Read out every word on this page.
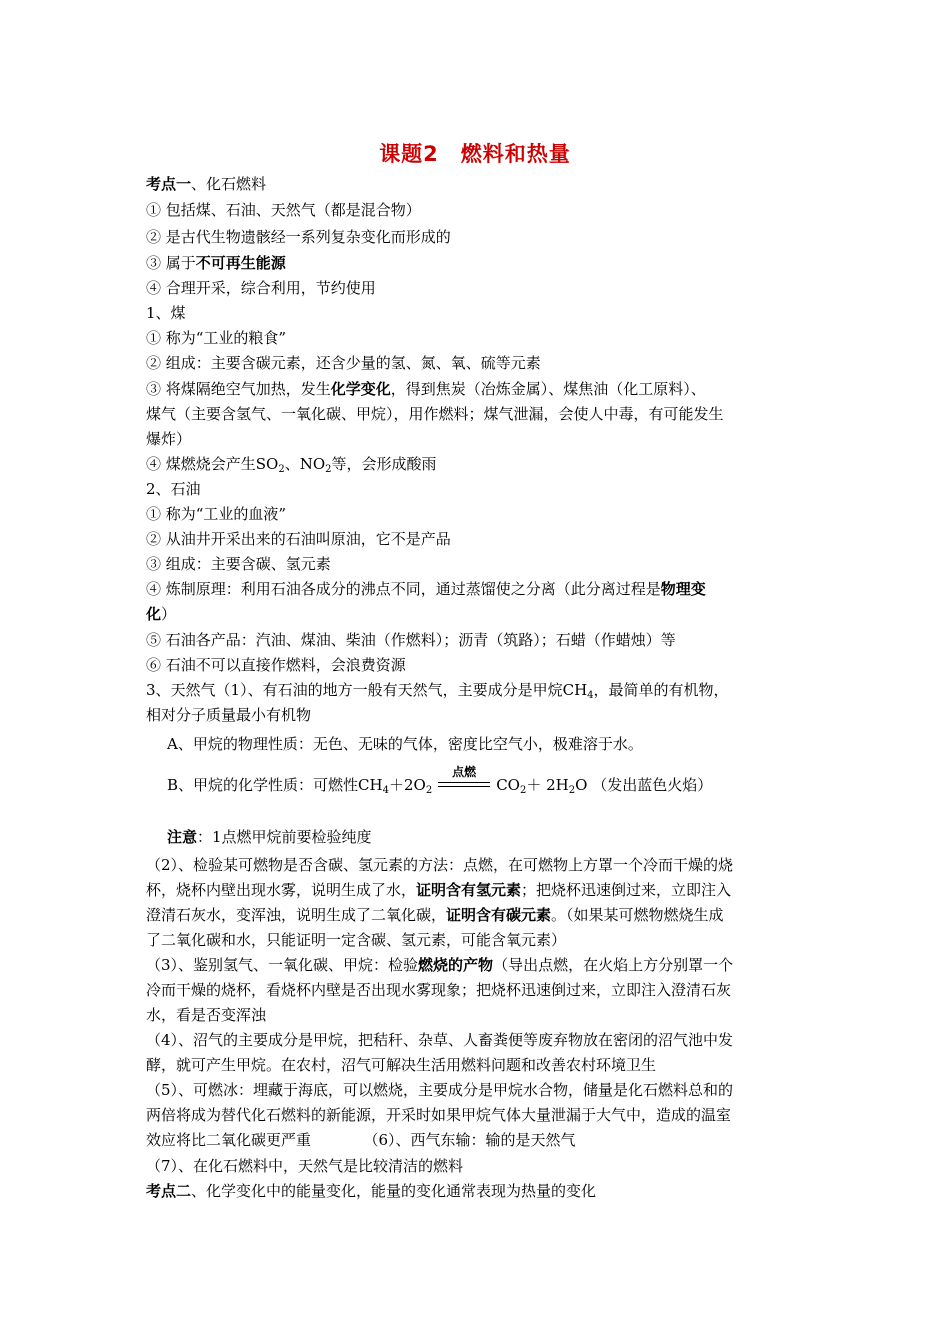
课题2　燃料和热量
考点一、化石燃料
① 包括煤、石油、天然气（都是混合物）
② 是古代生物遗骸经一系列复杂变化而形成的
③ 属于不可再生能源
④ 合理开采，综合利用，节约使用
1、煤
① 称为“工业的粮食”
② 组成：主要含碳元素，还含少量的氢、氮、氧、硫等元素
③ 将煤隔绝空气加热，发生化学变化，得到焦炭（冶炼金属）、煤焦油（化工原料）、
煤气（主要含氢气、一氧化碳、甲烷），用作燃料；煤气泄漏，会使人中毒，有可能发生
爆炸）
④ 煤燃烧会产生$SO_2$、$NO_2$等，会形成酸雨
2、石油
① 称为“工业的血液”
② 从油井开采出来的石油叫原油，它不是产品
③ 组成：主要含碳、氢元素
④ 炼制原理：利用石油各成分的沸点不同，通过蒸馏使之分离（此分离过程是物理变
化）
⑤ 石油各产品：汽油、煤油、柴油（作燃料）；沥青（筑路）；石蜡（作蜡烛）等
⑥ 石油不可以直接作燃料，会浪费资源
3、天然气（1）、有石油的地方一般有天然气，主要成分是甲烷$CH_4$，最简单的有机物，
相对分子质量最小有机物
A、甲烷的物理性质：无色、无味的气体，密度比空气小，极难溶于水。
B、甲烷的化学性质：可燃性$CH_4+2O_2$
点燃
$CO_2+ 2H_2O$ （发出蓝色火焰）
注意：1点燃甲烷前要检验纯度
（2）、检验某可燃物是否含碳、氢元素的方法：点燃，在可燃物上方罩一个冷而干燥的烧
杯，烧杯内壁出现水雾，说明生成了水，证明含有氢元素；把烧杯迅速倒过来，立即注入
澄清石灰水，变浑浊，说明生成了二氧化碳，证明含有碳元素。（如果某可燃物燃烧生成
了二氧化碳和水，只能证明一定含碳、氢元素，可能含氧元素）
（3）、鉴别氢气、一氧化碳、甲烷：检验燃烧的产物（导出点燃，在火焰上方分别罩一个
冷而干燥的烧杯，看烧杯内壁是否出现水雾现象；把烧杯迅速倒过来，立即注入澄清石灰
水，看是否变浑浊
（4）、沼气的主要成分是甲烷，把秸秆、杂草、人畜粪便等废弃物放在密闭的沼气池中发
酵，就可产生甲烷。在农村，沼气可解决生活用燃料问题和改善农村环境卫生
（5）、可燃冰：埋藏于海底，可以燃烧，主要成分是甲烷水合物，储量是化石燃料总和的
两倍将成为替代化石燃料的新能源，开采时如果甲烷气体大量泄漏于大气中，造成的温室
效应将比二氧化碳更严重　　　　（6）、西气东输：输的是天然气
（7）、在化石燃料中，天然气是比较清洁的燃料
考点二、化学变化中的能量变化，能量的变化通常表现为热量的变化
